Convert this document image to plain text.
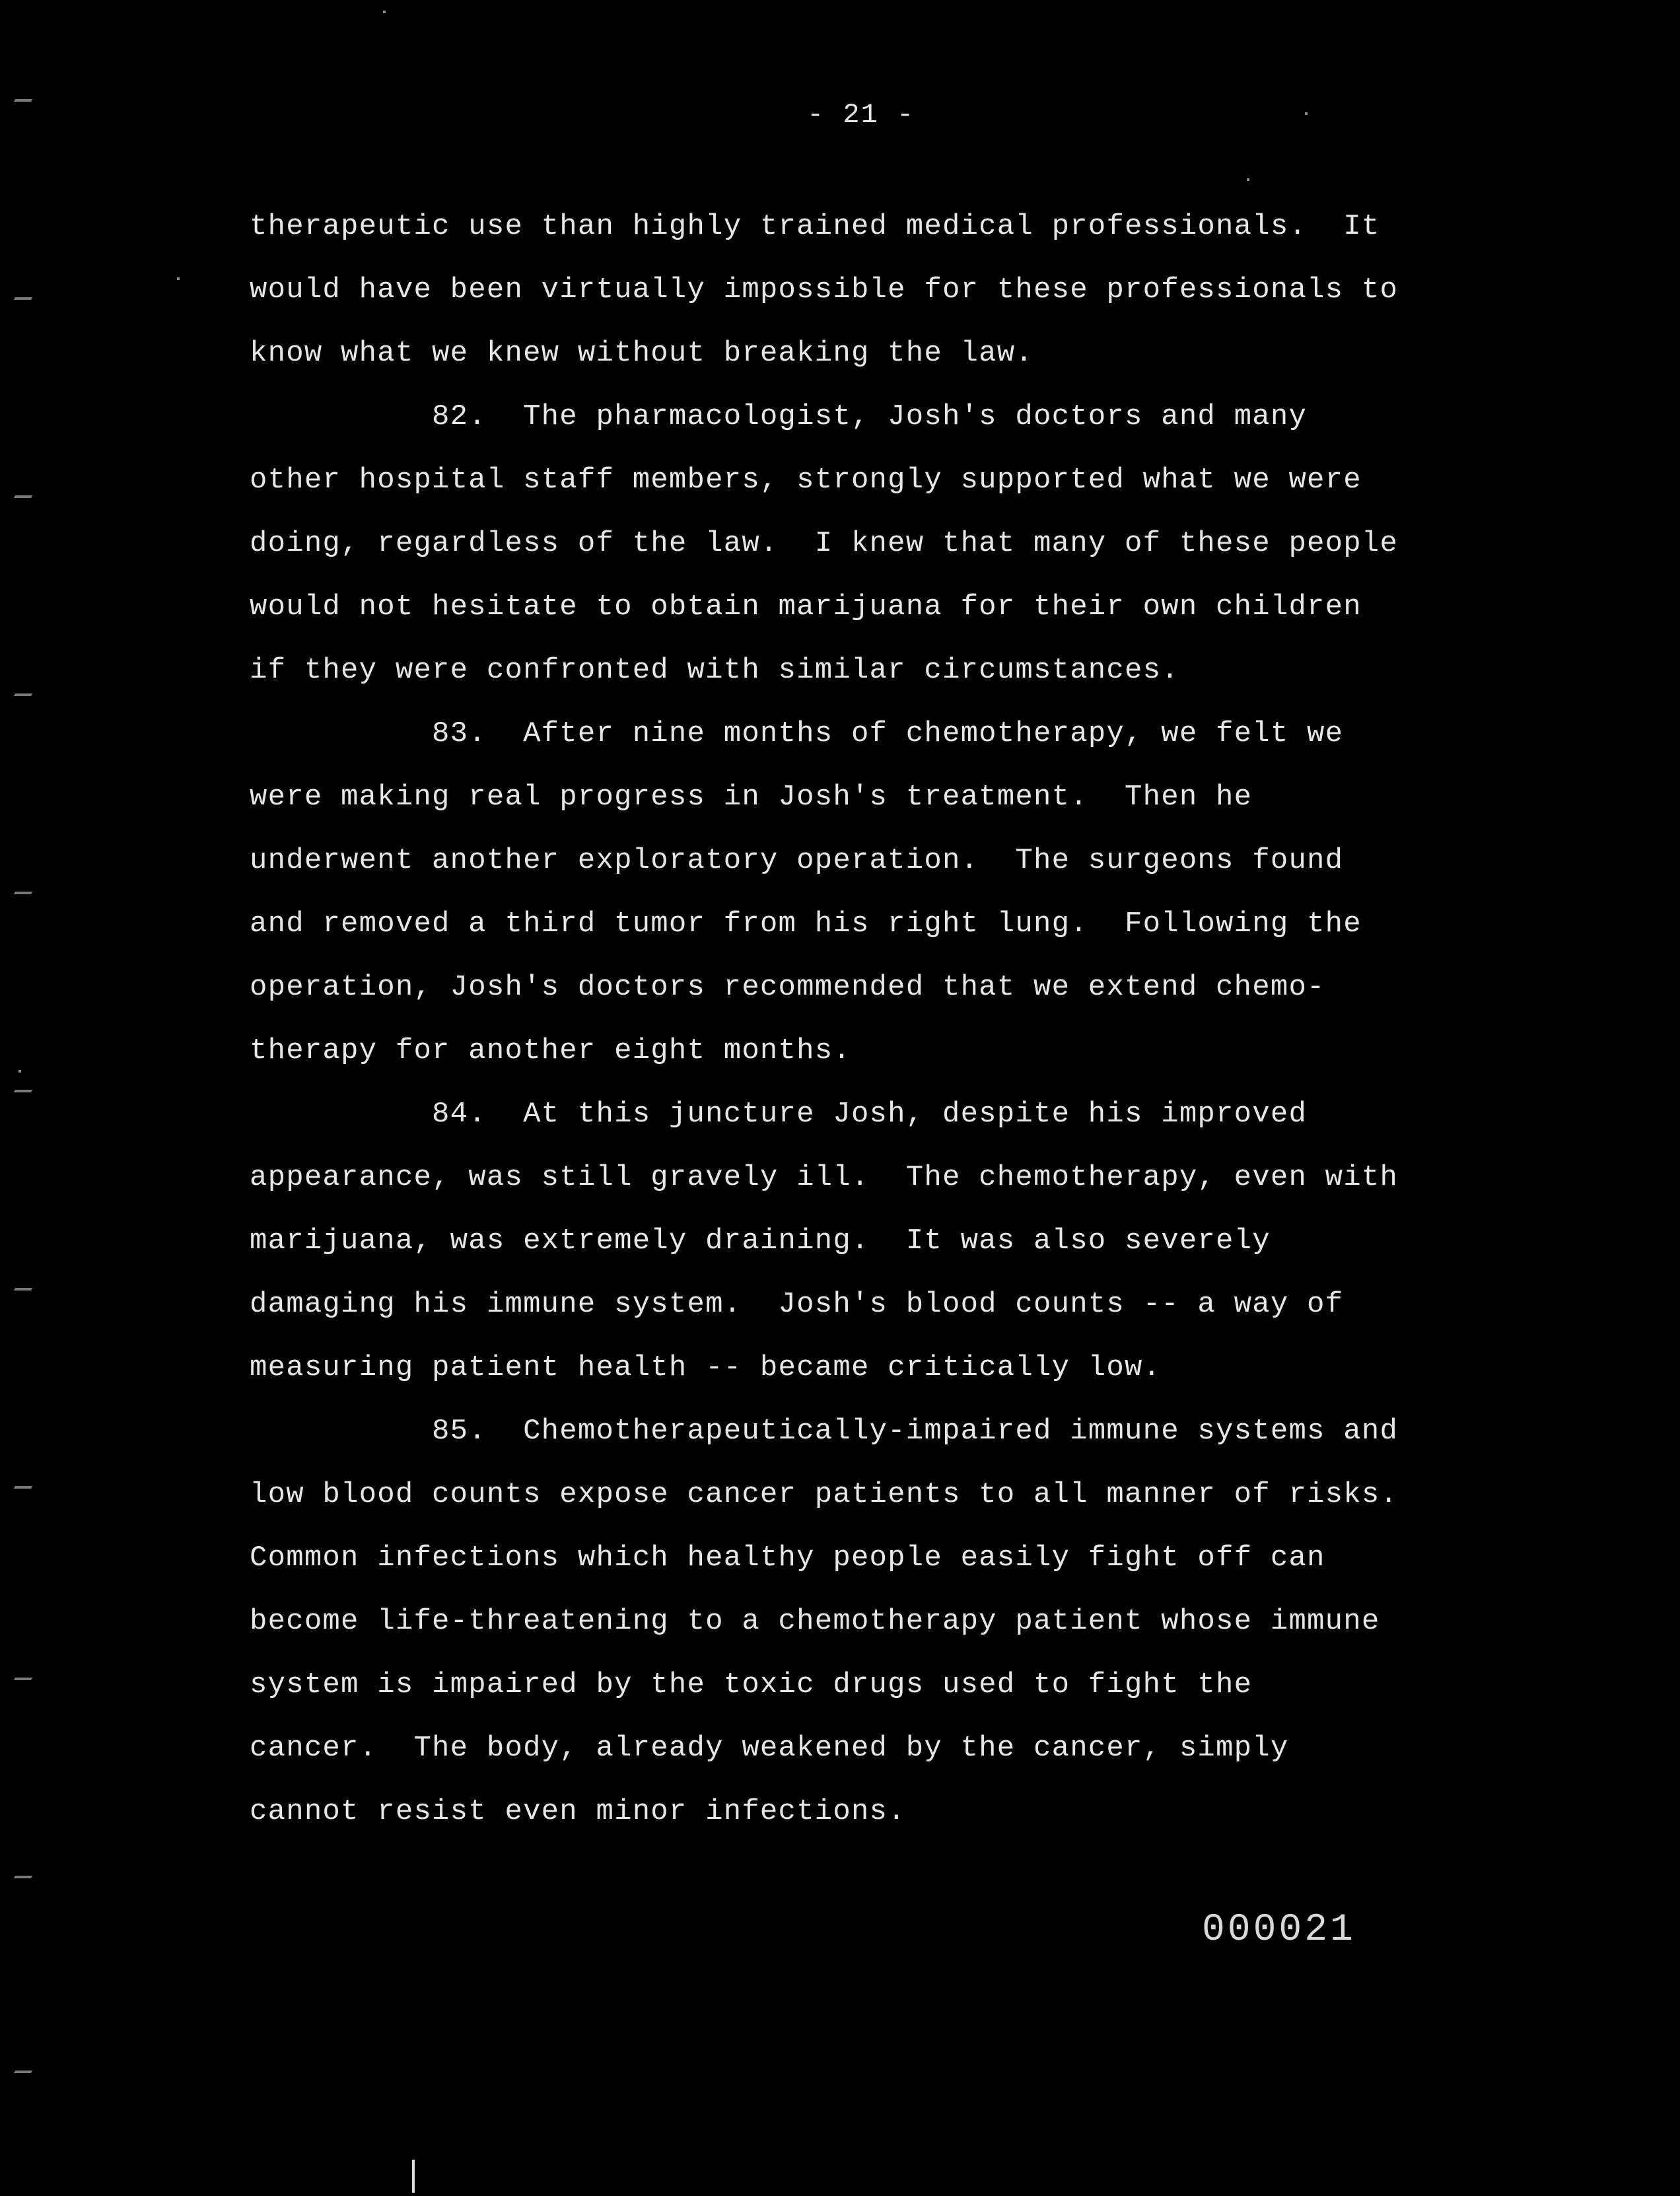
- 21 -
therapeutic use than highly trained medical professionals.  It
would have been virtually impossible for these professionals to
know what we knew without breaking the law.
82.  The pharmacologist, Josh's doctors and many
other hospital staff members, strongly supported what we were
doing, regardless of the law.  I knew that many of these people
would not hesitate to obtain marijuana for their own children
if they were confronted with similar circumstances.
83.  After nine months of chemotherapy, we felt we
were making real progress in Josh's treatment.  Then he
underwent another exploratory operation.  The surgeons found
and removed a third tumor from his right lung.  Following the
operation, Josh's doctors recommended that we extend chemo-
therapy for another eight months.
84.  At this juncture Josh, despite his improved
appearance, was still gravely ill.  The chemotherapy, even with
marijuana, was extremely draining.  It was also severely
damaging his immune system.  Josh's blood counts -- a way of
measuring patient health -- became critically low.
85.  Chemotherapeutically-impaired immune systems and
low blood counts expose cancer patients to all manner of risks.
Common infections which healthy people easily fight off can
become life-threatening to a chemotherapy patient whose immune
system is impaired by the toxic drugs used to fight the
cancer.  The body, already weakened by the cancer, simply
cannot resist even minor infections.
000021
